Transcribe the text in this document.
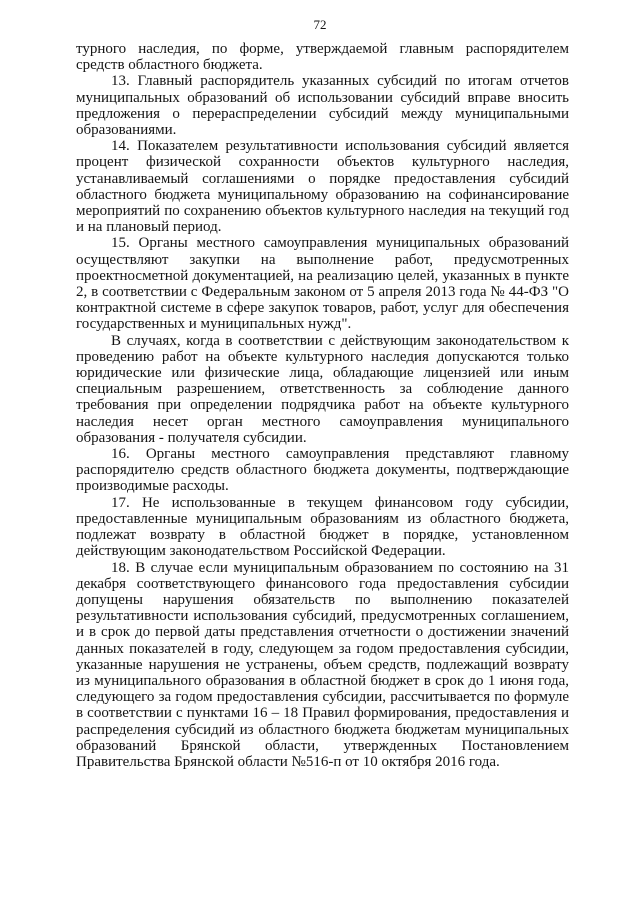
72

турного наследия, по форме, утверждаемой главным распорядителем средств областного бюджета.

13. Главный распорядитель указанных субсидий по итогам отчетов муниципальных образований об использовании субсидий вправе вносить предложения о перераспределении субсидий между муниципальными образованиями.

14. Показателем результативности использования субсидий является процент физической сохранности объектов культурного наследия, устанавливаемый соглашениями о порядке предоставления субсидий областного бюджета муниципальному образованию на софинансирование мероприятий по сохранению объектов культурного наследия на текущий год и на плановый период.

15. Органы местного самоуправления муниципальных образований осуществляют закупки на выполнение работ, предусмотренных проектносметной документацией, на реализацию целей, указанных в пункте 2, в соответствии с Федеральным законом от 5 апреля 2013 года № 44-ФЗ "О контрактной системе в сфере закупок товаров, работ, услуг для обеспечения государственных и муниципальных нужд".

В случаях, когда в соответствии с действующим законодательством к проведению работ на объекте культурного наследия допускаются только юридические или физические лица, обладающие лицензией или иным специальным разрешением, ответственность за соблюдение данного требования при определении подрядчика работ на объекте культурного наследия несет орган местного самоуправления муниципального образования - получателя субсидии.

16. Органы местного самоуправления представляют главному распорядителю средств областного бюджета документы, подтверждающие производимые расходы.

17. Не использованные в текущем финансовом году субсидии, предоставленные муниципальным образованиям из областного бюджета, подлежат возврату в областной бюджет в порядке, установленном действующим законодательством Российской Федерации.

18. В случае если муниципальным образованием по состоянию на 31 декабря соответствующего финансового года предоставления субсидии допущены нарушения обязательств по выполнению показателей результативности использования субсидий, предусмотренных соглашением, и в срок до первой даты представления отчетности о достижении значений данных показателей в году, следующем за годом предоставления субсидии, указанные нарушения не устранены, объем средств, подлежащий возврату из муниципального образования в областной бюджет в срок до 1 июня года, следующего за годом предоставления субсидии, рассчитывается по формуле в соответствии с пунктами 16 – 18 Правил формирования, предоставления и распределения субсидий из областного бюджета бюджетам муниципальных образований Брянской области, утвержденных Постановлением Правительства Брянской области №516-п от 10 октября 2016 года.
